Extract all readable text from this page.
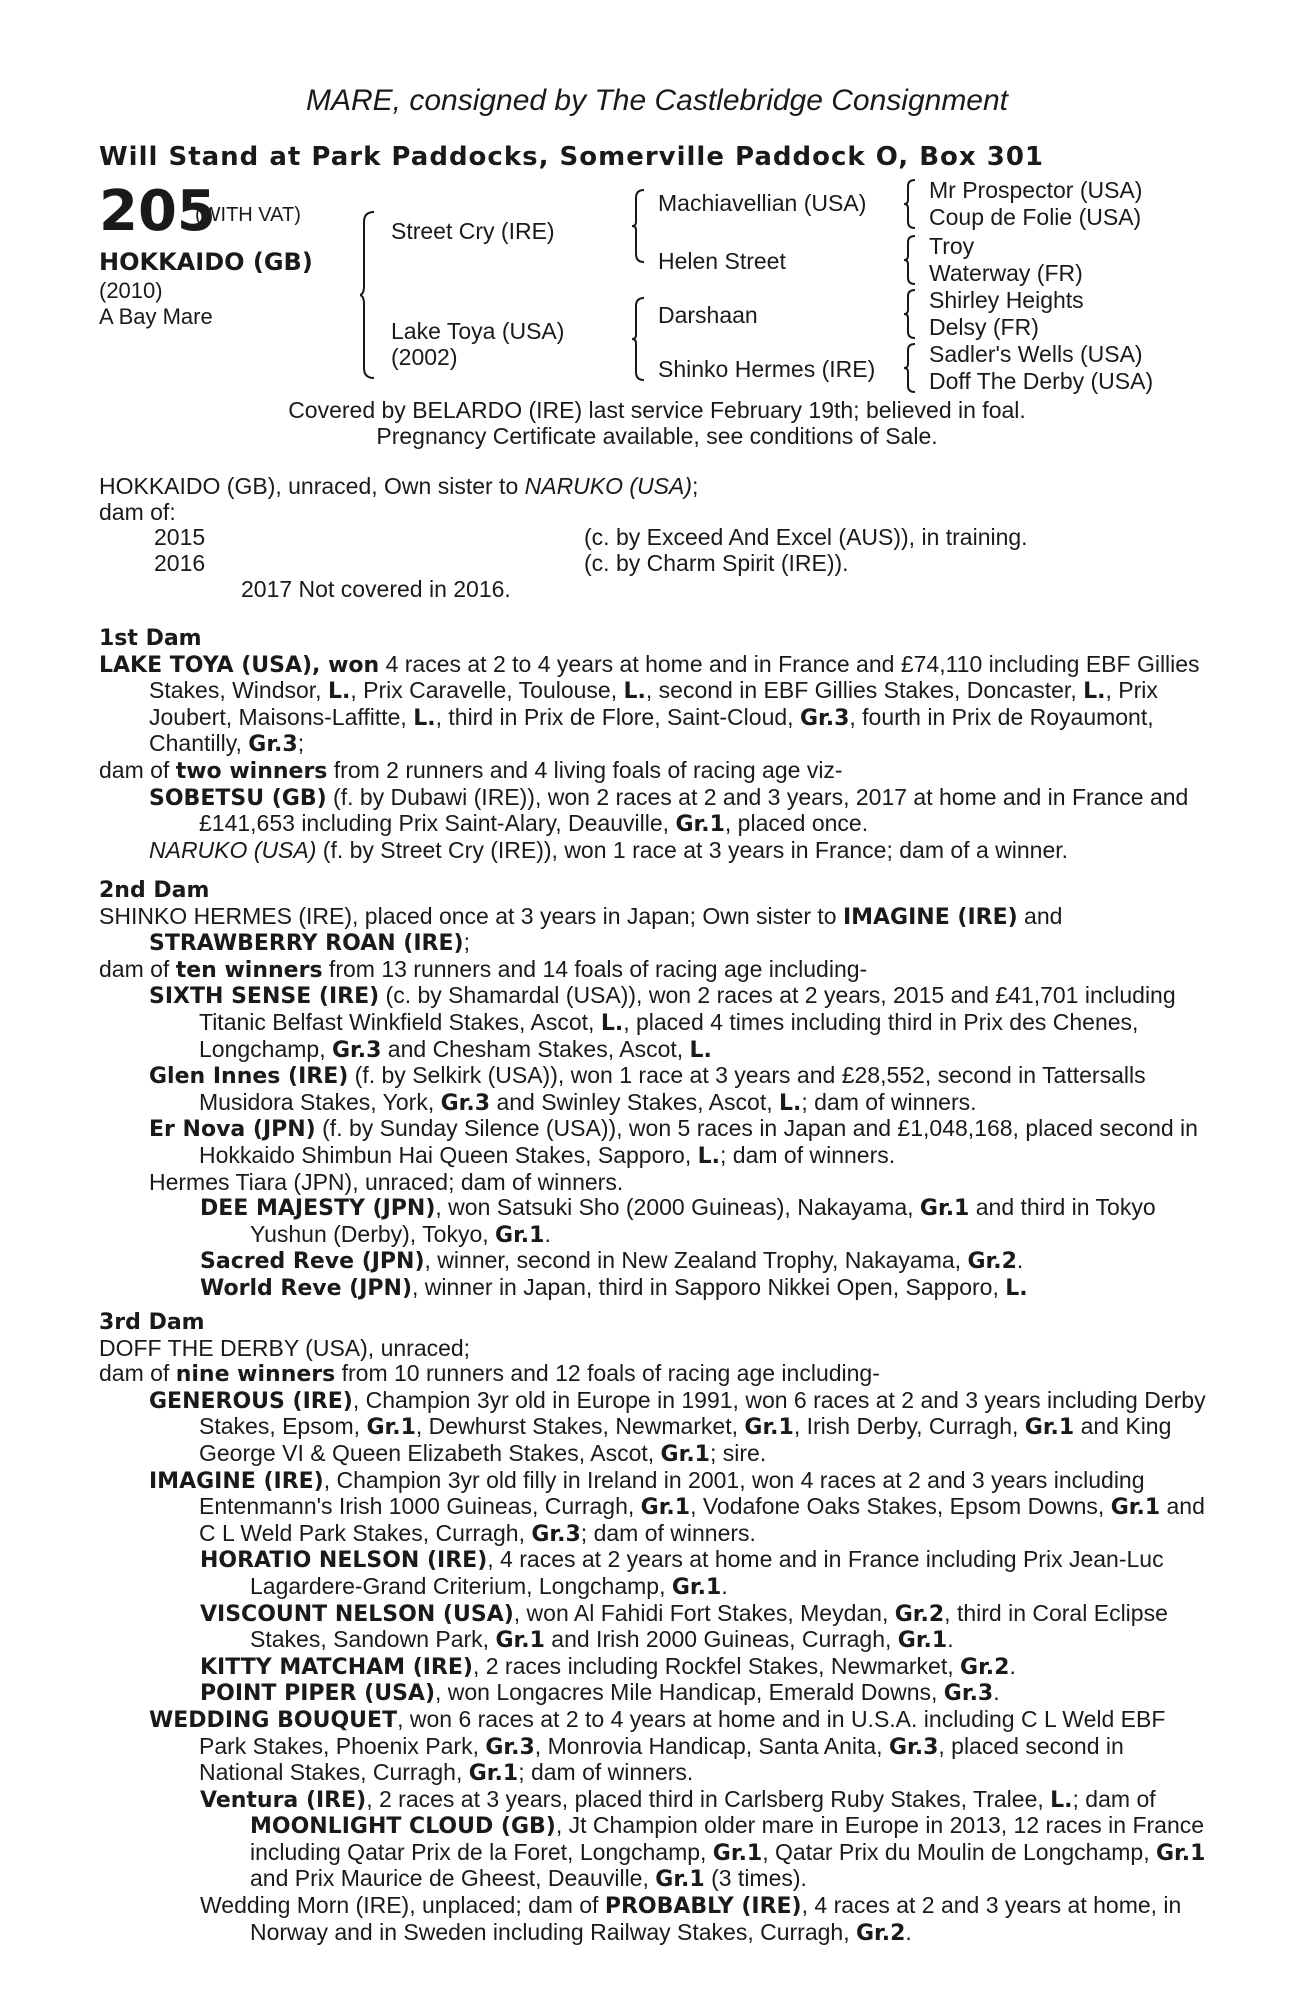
MARE, consigned by The Castlebridge Consignment
Will Stand at Park Paddocks, Somerville Paddock O, Box 301
205
(WITH VAT)
HOKKAIDO (GB)
(2010)
A Bay Mare
Street Cry (IRE)
Lake Toya (USA)
(2002)
Machiavellian (USA)
Helen Street
Darshaan
Shinko Hermes (IRE)
Mr Prospector (USA)
Coup de Folie (USA)
Troy
Waterway (FR)
Shirley Heights
Delsy (FR)
Sadler's Wells (USA)
Doff The Derby (USA)
Covered by BELARDO (IRE) last service February 19th; believed in foal.
Pregnancy Certificate available, see conditions of Sale.

HOKKAIDO (GB), unraced, Own sister to NARUKO (USA);

dam of:

2015	(c. by Exceed And Excel (AUS)), in training.
2016	(c. by Charm Spirit (IRE)).
2017 Not covered in 2016.

1st Dam

LAKE TOYA (USA), won 4 races at 2 to 4 years at home and in France and £74,110 including EBF Gillies Stakes, Windsor, L., Prix Caravelle, Toulouse, L., second in EBF Gillies Stakes, Doncaster, L., Prix Joubert, Maisons-Laffitte, L., third in Prix de Flore, Saint-Cloud, Gr.3, fourth in Prix de Royaumont, Chantilly, Gr.3;

dam of two winners from 2 runners and 4 living foals of racing age viz-

SOBETSU (GB) (f. by Dubawi (IRE)), won 2 races at 2 and 3 years, 2017 at home and in France and £141,653 including Prix Saint-Alary, Deauville, Gr.1, placed once.

NARUKO (USA) (f. by Street Cry (IRE)), won 1 race at 3 years in France; dam of a winner.

2nd Dam

SHINKO HERMES (IRE), placed once at 3 years in Japan; Own sister to IMAGINE (IRE) and STRAWBERRY ROAN (IRE);

dam of ten winners from 13 runners and 14 foals of racing age including-

SIXTH SENSE (IRE) (c. by Shamardal (USA)), won 2 races at 2 years, 2015 and £41,701 including Titanic Belfast Winkfield Stakes, Ascot, L., placed 4 times including third in Prix des Chenes, Longchamp, Gr.3 and Chesham Stakes, Ascot, L.

Glen Innes (IRE) (f. by Selkirk (USA)), won 1 race at 3 years and £28,552, second in Tattersalls Musidora Stakes, York, Gr.3 and Swinley Stakes, Ascot, L.; dam of winners.

Er Nova (JPN) (f. by Sunday Silence (USA)), won 5 races in Japan and £1,048,168, placed second in Hokkaido Shimbun Hai Queen Stakes, Sapporo, L.; dam of winners.

Hermes Tiara (JPN), unraced; dam of winners.

DEE MAJESTY (JPN), won Satsuki Sho (2000 Guineas), Nakayama, Gr.1 and third in Tokyo Yushun (Derby), Tokyo, Gr.1.

Sacred Reve (JPN), winner, second in New Zealand Trophy, Nakayama, Gr.2.

World Reve (JPN), winner in Japan, third in Sapporo Nikkei Open, Sapporo, L.

3rd Dam

DOFF THE DERBY (USA), unraced;

dam of nine winners from 10 runners and 12 foals of racing age including-

GENEROUS (IRE), Champion 3yr old in Europe in 1991, won 6 races at 2 and 3 years including Derby Stakes, Epsom, Gr.1, Dewhurst Stakes, Newmarket, Gr.1, Irish Derby, Curragh, Gr.1 and King George VI & Queen Elizabeth Stakes, Ascot, Gr.1; sire.

IMAGINE (IRE), Champion 3yr old filly in Ireland in 2001, won 4 races at 2 and 3 years including Entenmann's Irish 1000 Guineas, Curragh, Gr.1, Vodafone Oaks Stakes, Epsom Downs, Gr.1 and C L Weld Park Stakes, Curragh, Gr.3; dam of winners.

HORATIO NELSON (IRE), 4 races at 2 years at home and in France including Prix Jean-Luc Lagardere-Grand Criterium, Longchamp, Gr.1.

VISCOUNT NELSON (USA), won Al Fahidi Fort Stakes, Meydan, Gr.2, third in Coral Eclipse Stakes, Sandown Park, Gr.1 and Irish 2000 Guineas, Curragh, Gr.1.

KITTY MATCHAM (IRE), 2 races including Rockfel Stakes, Newmarket, Gr.2.

POINT PIPER (USA), won Longacres Mile Handicap, Emerald Downs, Gr.3.

WEDDING BOUQUET, won 6 races at 2 to 4 years at home and in U.S.A. including C L Weld EBF Park Stakes, Phoenix Park, Gr.3, Monrovia Handicap, Santa Anita, Gr.3, placed second in National Stakes, Curragh, Gr.1; dam of winners.

Ventura (IRE), 2 races at 3 years, placed third in Carlsberg Ruby Stakes, Tralee, L.; dam of MOONLIGHT CLOUD (GB), Jt Champion older mare in Europe in 2013, 12 races in France including Qatar Prix de la Foret, Longchamp, Gr.1, Qatar Prix du Moulin de Longchamp, Gr.1 and Prix Maurice de Gheest, Deauville, Gr.1 (3 times).

Wedding Morn (IRE), unplaced; dam of PROBABLY (IRE), 4 races at 2 and 3 years at home, in Norway and in Sweden including Railway Stakes, Curragh, Gr.2.
